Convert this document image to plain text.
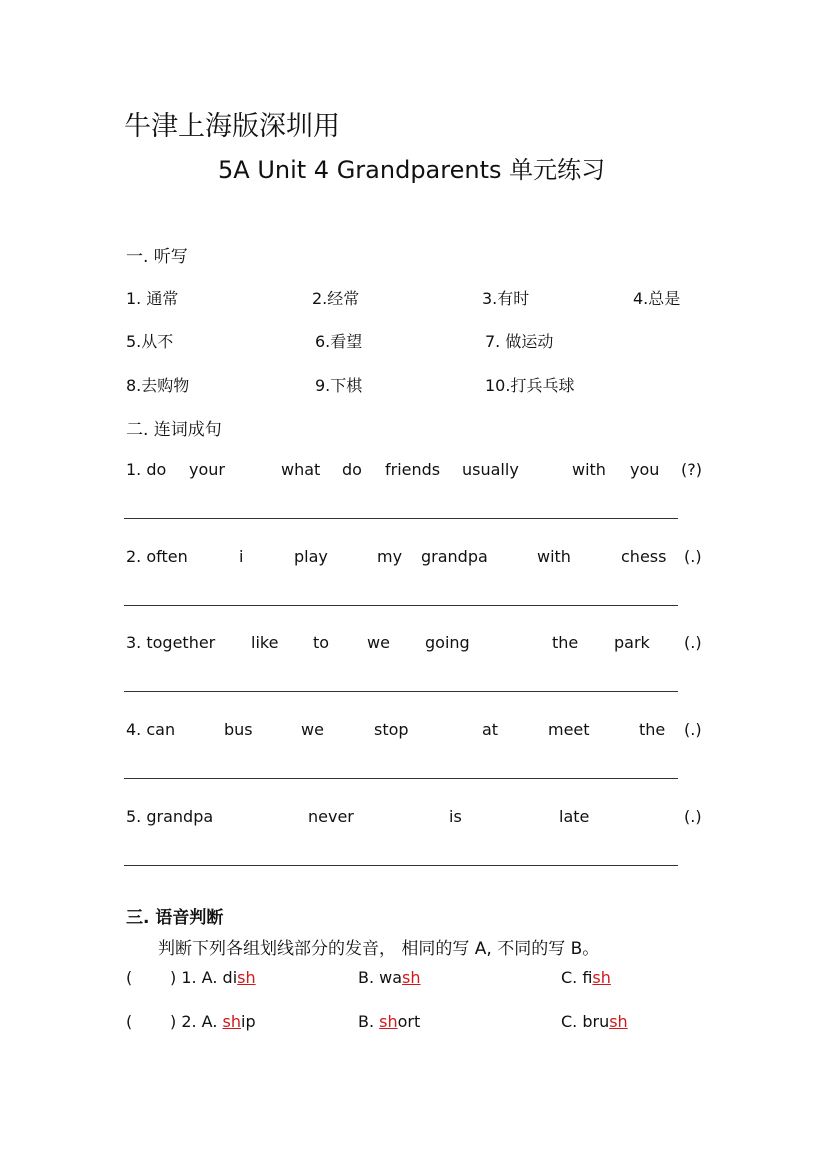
牛津上海版深圳用
5A Unit 4 Grandparents 单元练习
一. 听写
1. 通常	2.经常	3.有时	4.总是
5.从不	6.看望	7. 做运动
8.去购物	9.下棋	10.打兵乓球
二. 连词成句
1. do your	what do friends usually	with you (?)
2. often	i	play	my grandpa	with	chess (.)
3. together like to we going	the park (.)
4. can	bus	we	stop	at	meet	the (.)
5. grandpa	never	is	late	(.)
三. 语音判断
判断下列各组划线部分的发音， 相同的写 A, 不同的写 B。
( ) 1. A. dish	B. wash	C. fish
( ) 2. A. ship	B. short	C. brush
